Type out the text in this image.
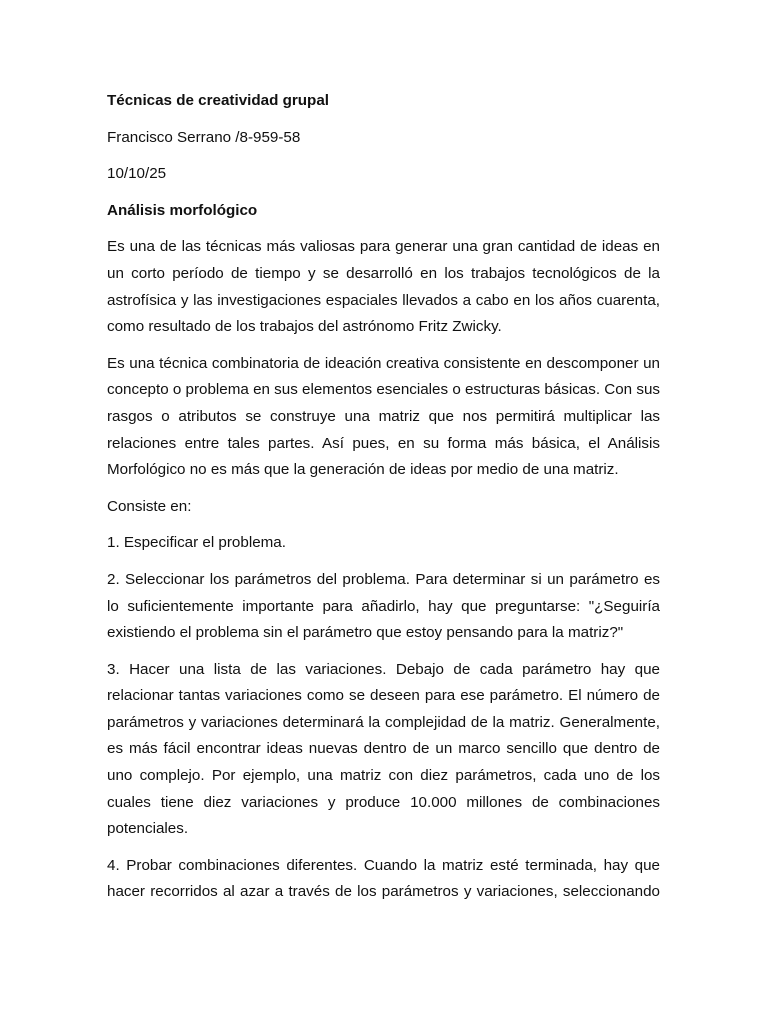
Técnicas de creatividad grupal

Francisco Serrano /8-959-58

10/10/25

Análisis morfológico

Es una de las técnicas más valiosas para generar una gran cantidad de ideas en un corto período de tiempo y se desarrolló en los trabajos tecnológicos de la astrofísica y las investigaciones espaciales llevados a cabo en los años cuarenta, como resultado de los trabajos del astrónomo Fritz Zwicky.

Es una técnica combinatoria de ideación creativa consistente en descomponer un concepto o problema en sus elementos esenciales o estructuras básicas. Con sus rasgos o atributos se construye una matriz que nos permitirá multiplicar las relaciones entre tales partes. Así pues, en su forma más básica, el Análisis Morfológico no es más que la generación de ideas por medio de una matriz.

Consiste en:

1. Especificar el problema.

2. Seleccionar los parámetros del problema. Para determinar si un parámetro es lo suficientemente importante para añadirlo, hay que preguntarse: "¿Seguiría existiendo el problema sin el parámetro que estoy pensando para la matriz?"

3. Hacer una lista de las variaciones. Debajo de cada parámetro hay que relacionar tantas variaciones como se deseen para ese parámetro. El número de parámetros y variaciones determinará la complejidad de la matriz. Generalmente, es más fácil encontrar ideas nuevas dentro de un marco sencillo que dentro de uno complejo. Por ejemplo, una matriz con diez parámetros, cada uno de los cuales tiene diez variaciones y produce 10.000 millones de combinaciones potenciales.

4. Probar combinaciones diferentes. Cuando la matriz esté terminada, hay que hacer recorridos al azar a través de los parámetros y variaciones, seleccionando
